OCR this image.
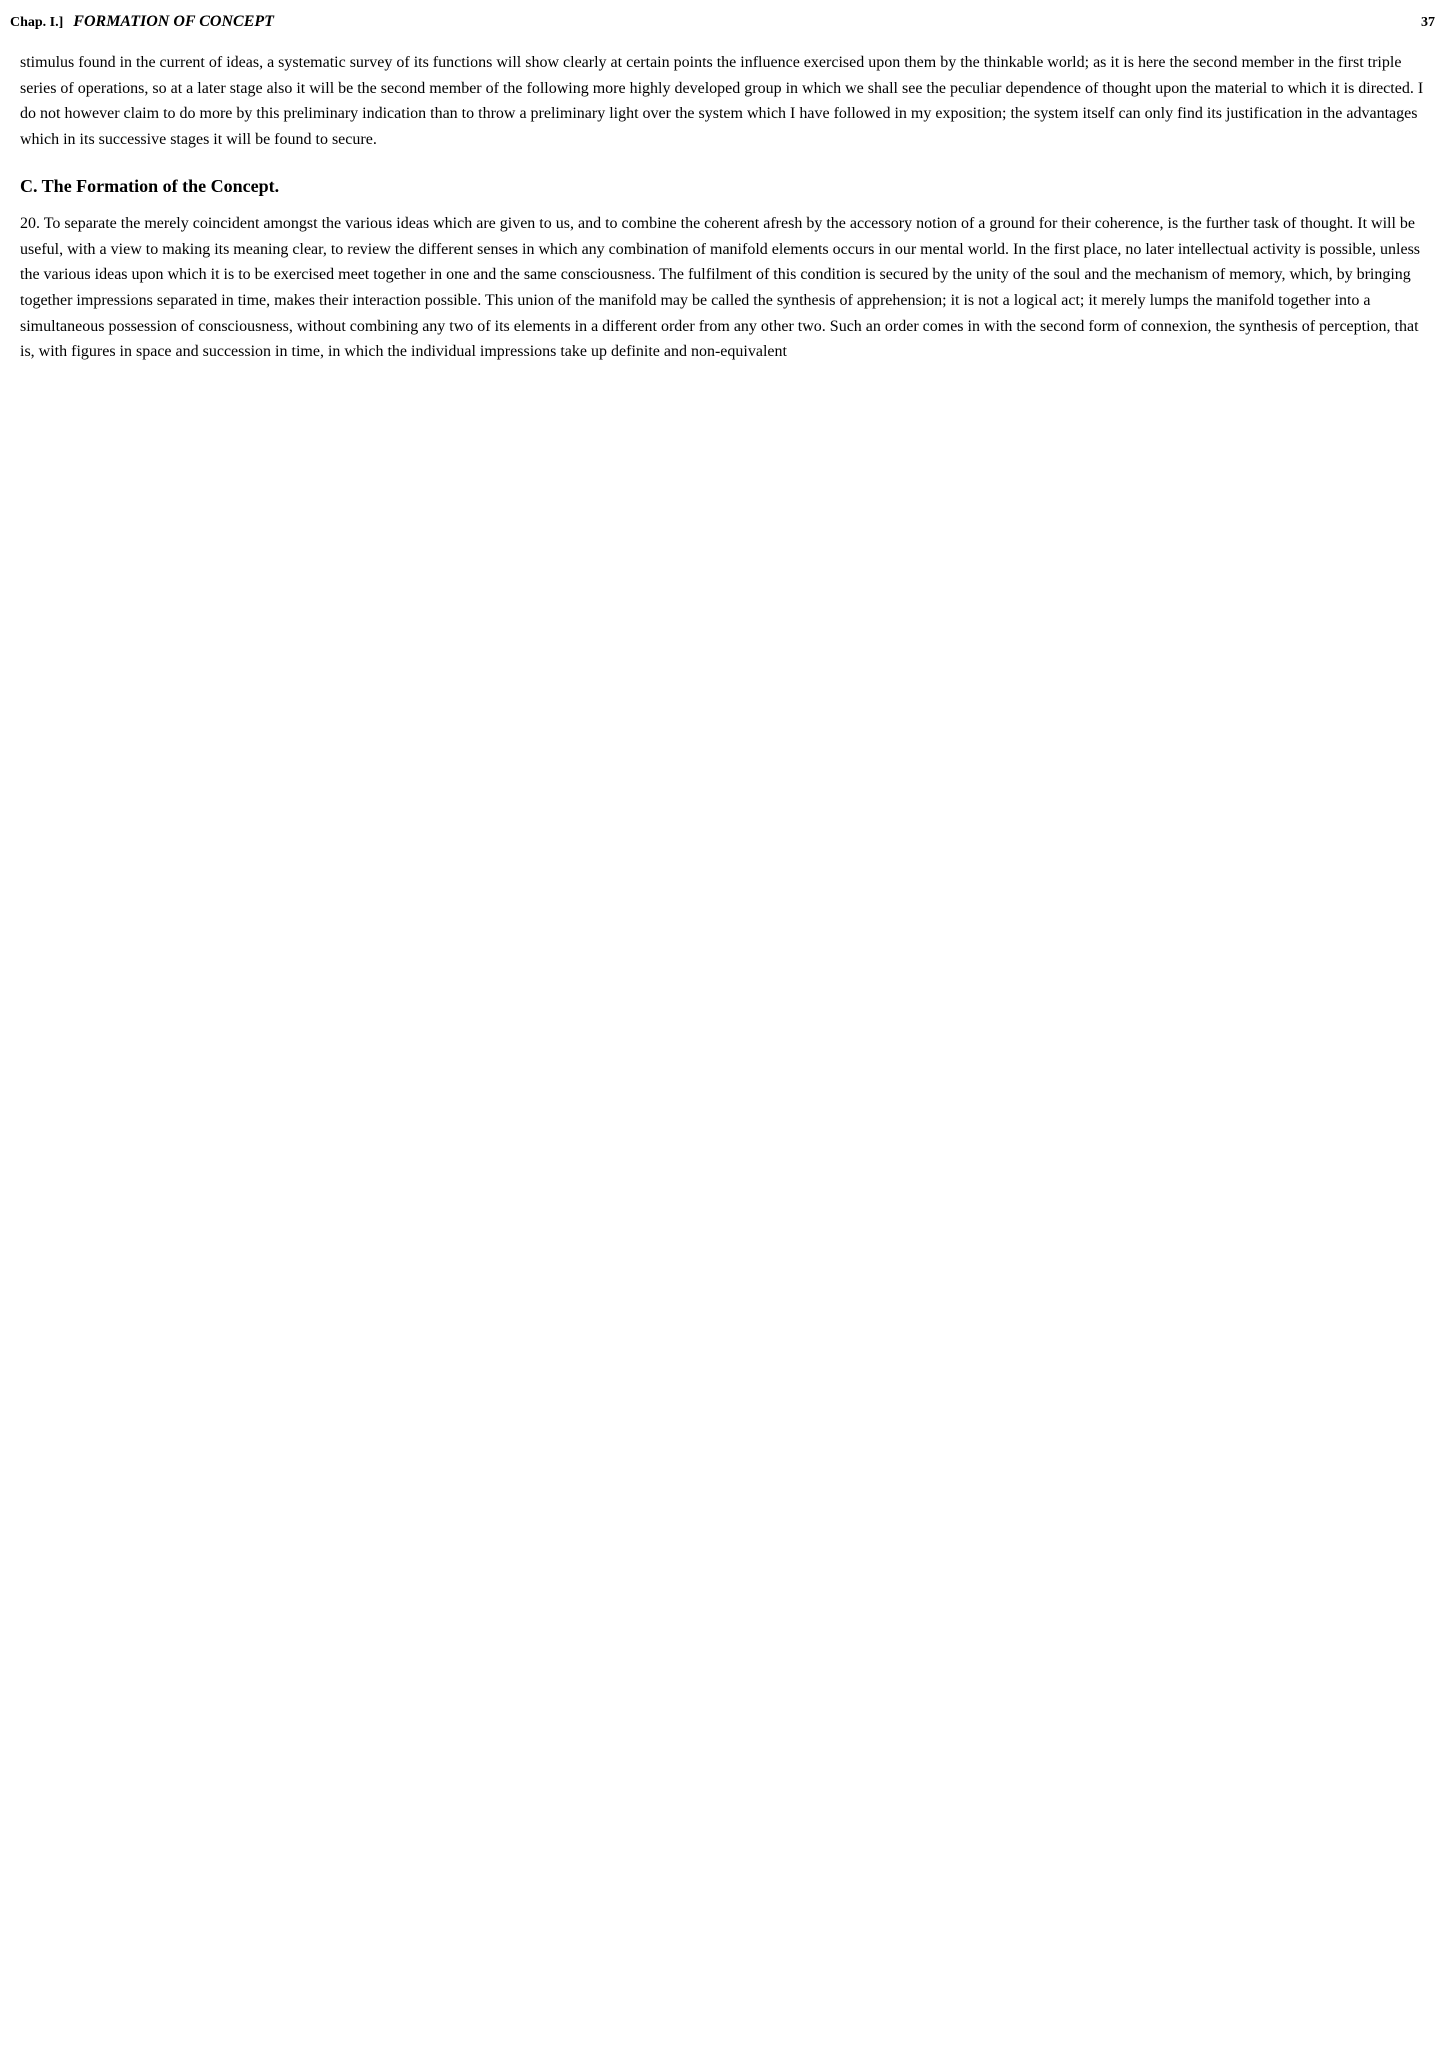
Chap. I.] FORMATION OF CONCEPT	37
stimulus found in the current of ideas, a systematic survey of its functions will show clearly at certain points the influence exercised upon them by the thinkable world; as it is here the second member in the first triple series of operations, so at a later stage also it will be the second member of the following more highly developed group in which we shall see the peculiar dependence of thought upon the material to which it is directed. I do not however claim to do more by this preliminary indication than to throw a preliminary light over the system which I have followed in my exposition; the system itself can only find its justification in the advantages which in its successive stages it will be found to secure.
C. The Formation of the Concept.
20. To separate the merely coincident amongst the various ideas which are given to us, and to combine the coherent afresh by the accessory notion of a ground for their coherence, is the further task of thought. It will be useful, with a view to making its meaning clear, to review the different senses in which any combination of manifold elements occurs in our mental world. In the first place, no later intellectual activity is possible, unless the various ideas upon which it is to be exercised meet together in one and the same consciousness. The fulfilment of this condition is secured by the unity of the soul and the mechanism of memory, which, by bringing together impressions separated in time, makes their interaction possible. This union of the manifold may be called the synthesis of apprehension; it is not a logical act; it merely lumps the manifold together into a simultaneous possession of consciousness, without combining any two of its elements in a different order from any other two. Such an order comes in with the second form of connexion, the synthesis of perception, that is, with figures in space and succession in time, in which the individual impressions take up definite and non-equivalent
